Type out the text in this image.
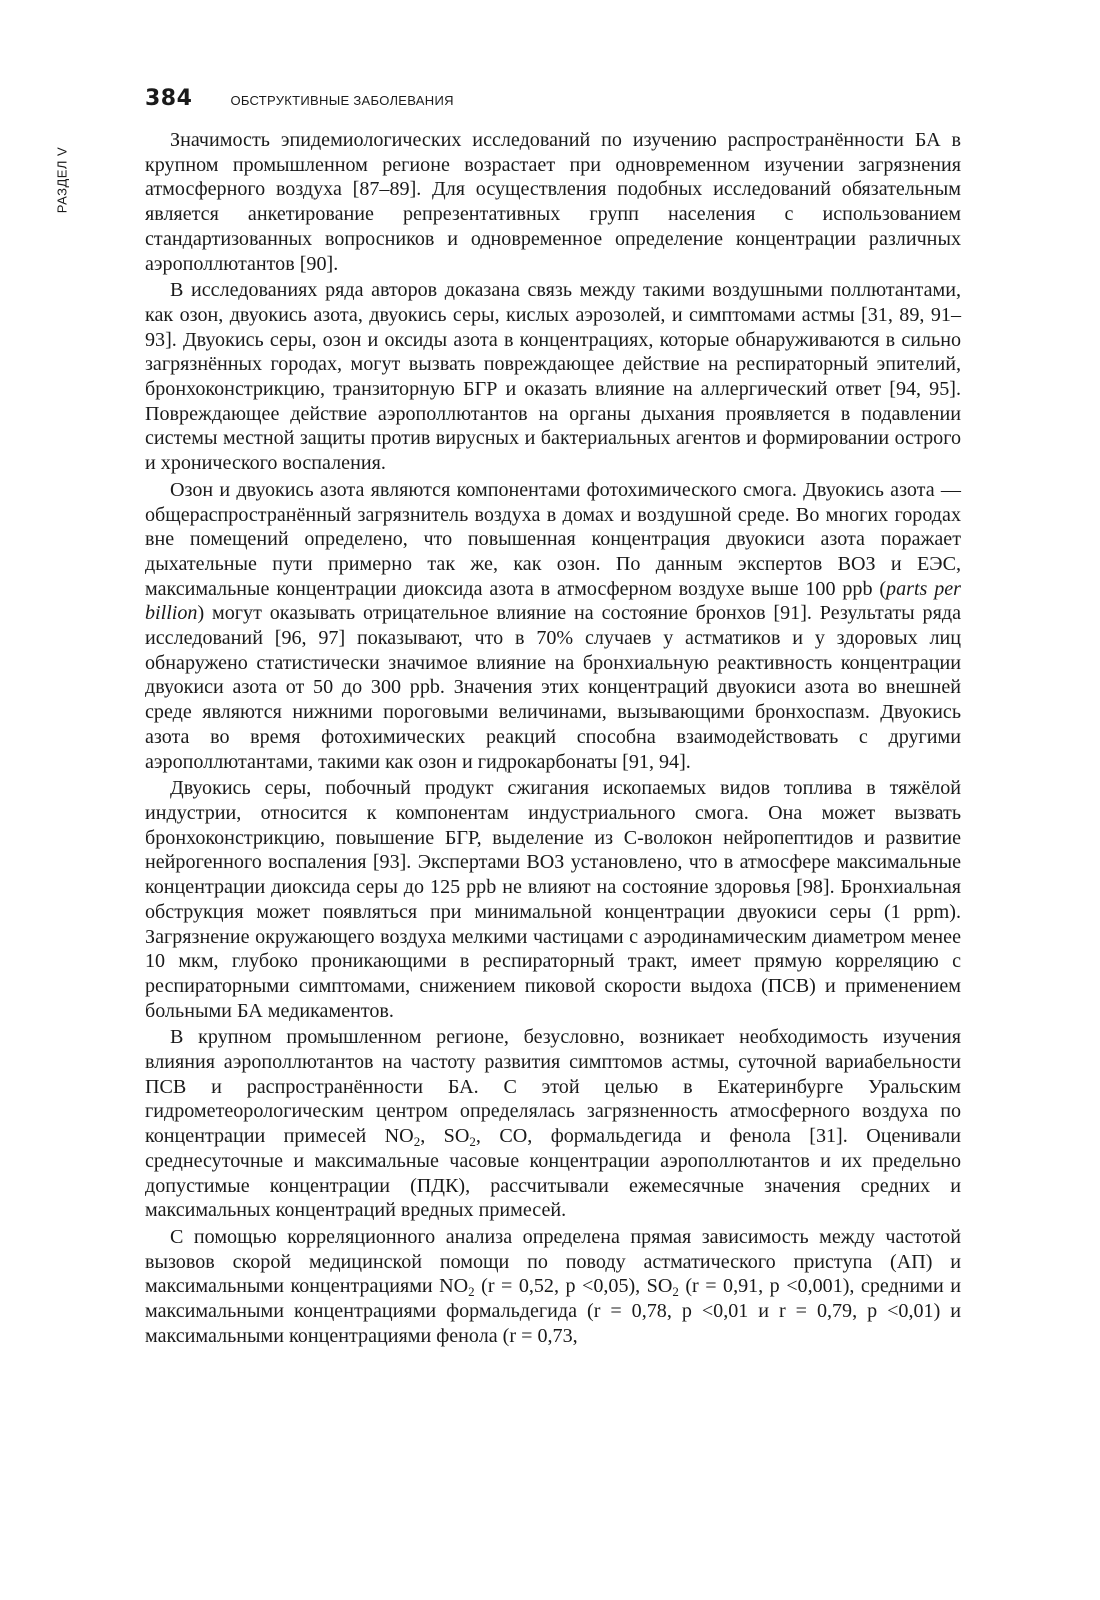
РАЗДЕЛ V
384	ОБСТРУКТИВНЫЕ ЗАБОЛЕВАНИЯ

Значимость эпидемиологических исследований по изучению распространённости БА в крупном промышленном регионе возрастает при одновременном изучении загрязнения атмосферного воздуха [87–89]. Для осуществления подобных исследований обязательным является анкетирование репрезентативных групп населения с использованием стандартизованных вопросников и одновременное определение концентрации различных аэрополлютантов [90].

В исследованиях ряда авторов доказана связь между такими воздушными поллютантами, как озон, двуокись азота, двуокись серы, кислых аэрозолей, и симптомами астмы [31, 89, 91–93]. Двуокись серы, озон и оксиды азота в концентрациях, которые обнаруживаются в сильно загрязнённых городах, могут вызвать повреждающее действие на респираторный эпителий, бронхоконстрикцию, транзиторную БГР и оказать влияние на аллергический ответ [94, 95]. Повреждающее действие аэрополлютантов на органы дыхания проявляется в подавлении системы местной защиты против вирусных и бактериальных агентов и формировании острого и хронического воспаления.

Озон и двуокись азота являются компонентами фотохимического смога. Двуокись азота — общераспространённый загрязнитель воздуха в домах и воздушной среде. Во многих городах вне помещений определено, что повышенная концентрация двуокиси азота поражает дыхательные пути примерно так же, как озон. По данным экспертов ВОЗ и ЕЭС, максимальные концентрации диоксида азота в атмосферном воздухе выше 100 ppb (parts per billion) могут оказывать отрицательное влияние на состояние бронхов [91]. Результаты ряда исследований [96, 97] показывают, что в 70% случаев у астматиков и у здоровых лиц обнаружено статистически значимое влияние на бронхиальную реактивность концентрации двуокиси азота от 50 до 300 ppb. Значения этих концентраций двуокиси азота во внешней среде являются нижними пороговыми величинами, вызывающими бронхоспазм. Двуокись азота во время фотохимических реакций способна взаимодействовать с другими аэрополлютантами, такими как озон и гидрокарбонаты [91, 94].

Двуокись серы, побочный продукт сжигания ископаемых видов топлива в тяжёлой индустрии, относится к компонентам индустриального смога. Она может вызвать бронхоконстрикцию, повышение БГР, выделение из C-волокон нейропептидов и развитие нейрогенного воспаления [93]. Экспертами ВОЗ установлено, что в атмосфере максимальные концентрации диоксида серы до 125 ppb не влияют на состояние здоровья [98]. Бронхиальная обструкция может появляться при минимальной концентрации двуокиси серы (1 ppm). Загрязнение окружающего воздуха мелкими частицами с аэродинамическим диаметром менее 10 мкм, глубоко проникающими в респираторный тракт, имеет прямую корреляцию с респираторными симптомами, снижением пиковой скорости выдоха (ПСВ) и применением больными БА медикаментов.

В крупном промышленном регионе, безусловно, возникает необходимость изучения влияния аэрополлютантов на частоту развития симптомов астмы, суточной вариабельности ПСВ и распространённости БА. С этой целью в Екатеринбурге Уральским гидрометеорологическим центром определялась загрязненность атмосферного воздуха по концентрации примесей $NO_2$, $SO_2$, CO, формальдегида и фенола [31]. Оценивали среднесуточные и максимальные часовые концентрации аэрополлютантов и их предельно допустимые концентрации (ПДК), рассчитывали ежемесячные значения средних и максимальных концентраций вредных примесей.

С помощью корреляционного анализа определена прямая зависимость между частотой вызовов скорой медицинской помощи по поводу астматического приступа (АП) и максимальными концентрациями $NO_2$ (r = 0,52, p <0,05), $SO_2$ (r = 0,91, p <0,001), средними и максимальными концентрациями формальдегида (r = 0,78, p <0,01 и r = 0,79, p <0,01) и максимальными концентрациями фенола (r = 0,73,
